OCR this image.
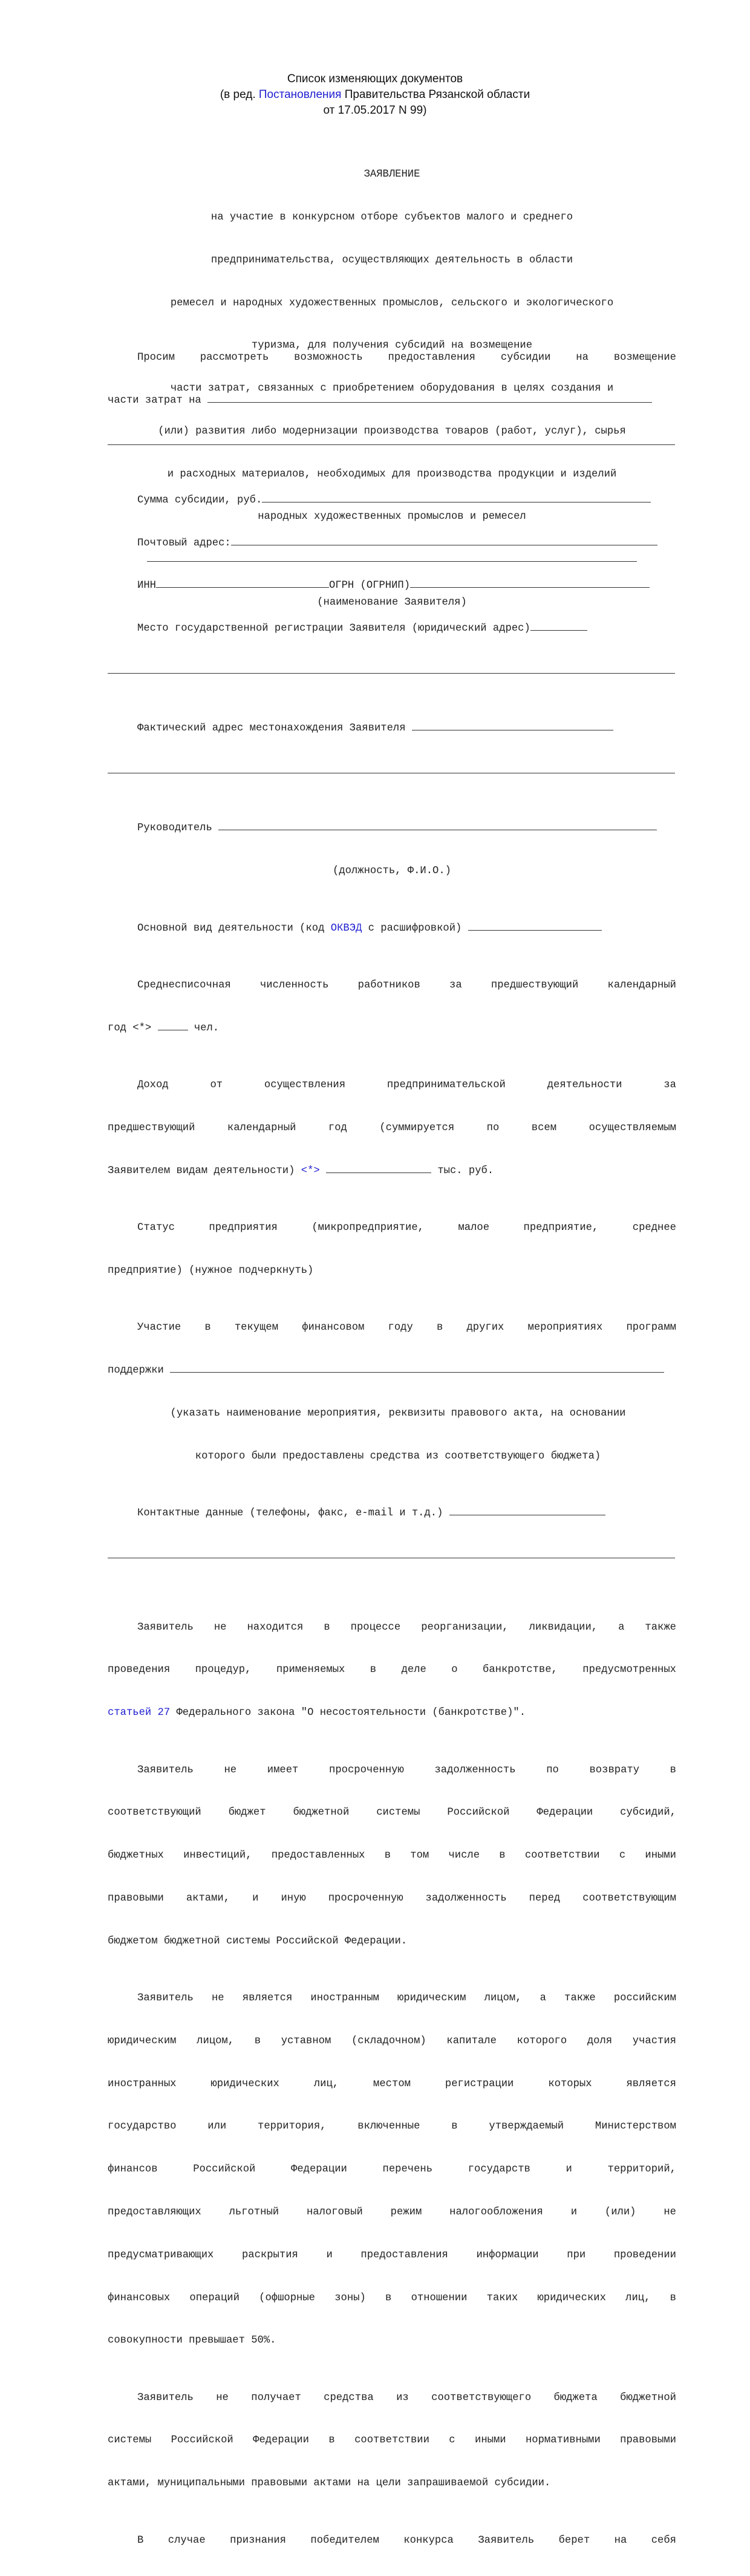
Список изменяющих документов
(в ред. Постановления Правительства Рязанской области
от 17.05.2017 N 99)

ЗАЯВЛЕНИЕ

на участие в конкурсном отборе субъектов малого и среднего

предпринимательства, осуществляющих деятельность в области

ремесел и народных художественных промыслов, сельского и экологического

туризма, для получения субсидий на возмещение

части затрат, связанных с приобретением оборудования в целях создания и

(или) развития либо модернизации производства товаров (работ, услуг), сырья

и расходных материалов, необходимых для производства продукции и изделий

народных художественных промыслов и ремесел

(наименование Заявителя)

Просим рассмотреть возможность предоставления субсидии на возмещение

части затрат на

Сумма субсидии, руб.

Почтовый адрес:

ИНН	ОГРН (ОГРНИП)

Место государственной регистрации Заявителя (юридический адрес)

Фактический адрес местонахождения Заявителя

Руководитель

(должность, Ф.И.О.)

Основной вид деятельности (код ОКВЭД с расшифровкой)

Среднесписочная численность работников за предшествующий календарный

год <*>	чел.

Доход от осуществления предпринимательской деятельности за

предшествующий календарный год (суммируется по всем осуществляемым

Заявителем видам деятельности) <*>	тыс. руб.

Статус предприятия (микропредприятие, малое предприятие, среднее

предприятие) (нужное подчеркнуть)

Участие в текущем финансовом году в других мероприятиях программ

поддержки

(указать наименование мероприятия, реквизиты правового акта, на основании

которого были предоставлены средства из соответствующего бюджета)

Контактные данные (телефоны, факс, e-mail и т.д.)

Заявитель не находится в процессе реорганизации, ликвидации, а также

проведения процедур, применяемых в деле о банкротстве, предусмотренных

статьей 27 Федерального закона "О несостоятельности (банкротстве)".

Заявитель не имеет просроченную задолженность по возврату в

соответствующий бюджет бюджетной системы Российской Федерации субсидий,

бюджетных инвестиций, предоставленных в том числе в соответствии с иными

правовыми актами, и иную просроченную задолженность перед соответствующим

бюджетом бюджетной системы Российской Федерации.

Заявитель не является иностранным юридическим лицом, а также российским

юридическим лицом, в уставном (складочном) капитале которого доля участия

иностранных юридических лиц, местом регистрации которых является

государство или территория, включенные в утверждаемый Министерством

финансов Российской Федерации перечень государств и территорий,

предоставляющих льготный налоговый режим налогообложения и (или) не

предусматривающих раскрытия и предоставления информации при проведении

финансовых операций (офшорные зоны) в отношении таких юридических лиц, в

совокупности превышает 50%.

Заявитель не получает средства из соответствующего бюджета бюджетной

системы Российской Федерации в соответствии с иными нормативными правовыми

актами, муниципальными правовыми актами на цели запрашиваемой субсидии.

В случае признания победителем конкурса Заявитель берет на себя
